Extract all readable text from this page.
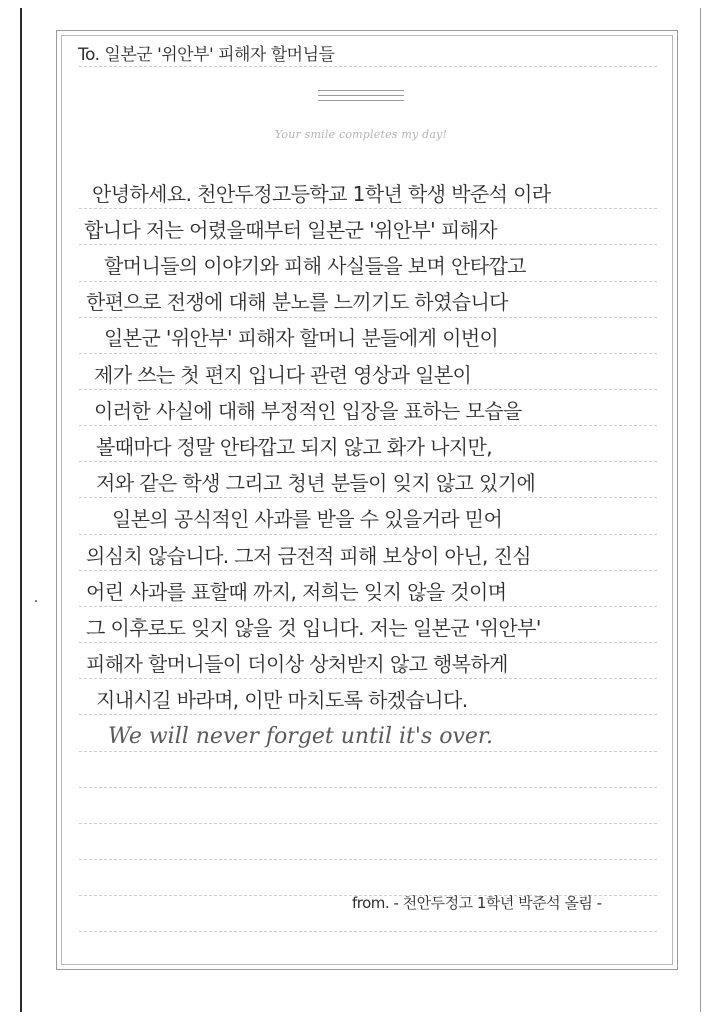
To. 일본군 '위안부' 피해자 할머님들
Your smile completes my day!
안녕하세요. 천안두정고등학교 1학년 학생 박준석 이라
합니다 저는 어렸을때부터 일본군 '위안부' 피해자
할머니들의 이야기와 피해 사실들을 보며 안타깝고
한편으로 전쟁에 대해 분노를 느끼기도 하였습니다
일본군 '위안부' 피해자 할머니 분들에게 이번이
제가 쓰는 첫 편지 입니다 관련 영상과 일본이
이러한 사실에 대해 부정적인 입장을 표하는 모습을
볼때마다 정말 안타깝고 되지 않고 화가 나지만,
저와 같은 학생 그리고 청년 분들이 잊지 않고 있기에
일본의 공식적인 사과를 받을 수 있을거라 믿어
의심치 않습니다. 그저 금전적 피해 보상이 아닌, 진심
어린 사과를 표할때 까지, 저희는 잊지 않을 것이며
그 이후로도 잊지 않을 것 입니다. 저는 일본군 '위안부'
피해자 할머니들이 더이상 상처받지 않고 행복하게
지내시길 바라며, 이만 마치도록 하겠습니다.
We will never forget until it's over.
from. - 천안두정고 1학년 박준석 올림 -
